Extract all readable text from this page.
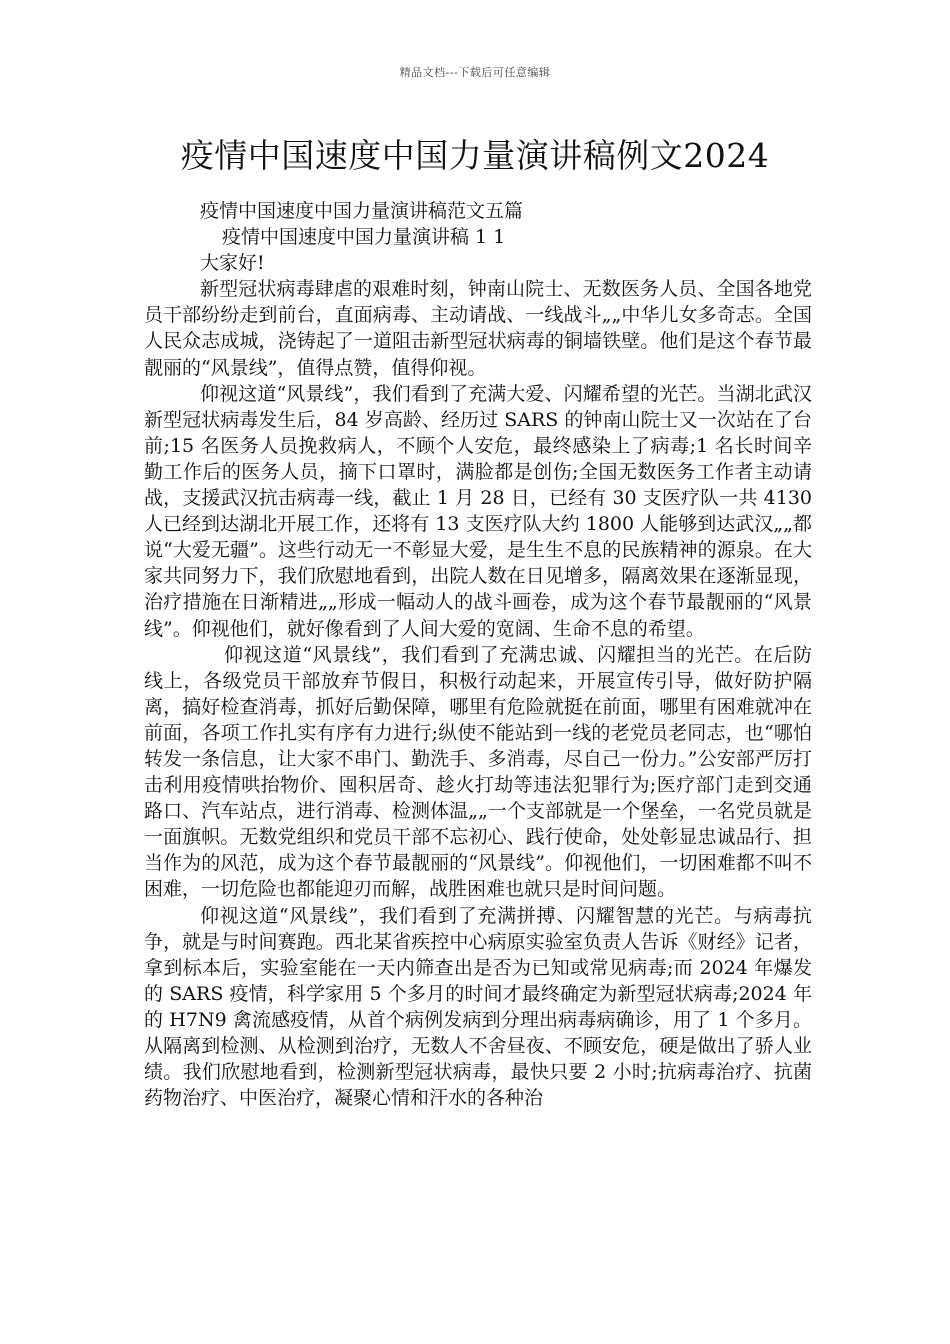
精品文档---下载后可任意编辑
疫情中国速度中国力量演讲稿例文2024

疫情中国速度中国力量演讲稿范文五篇

疫情中国速度中国力量演讲稿 1 1

大家好!

新型冠状病毒肆虐的艰难时刻，钟南山院士、无数医务人员、全国各地党员干部纷纷走到前台，直面病毒、主动请战、一线战斗„„中华儿女多奇志。全国人民众志成城，浇铸起了一道阻击新型冠状病毒的铜墙铁壁。他们是这个春节最靓丽的“风景线”，值得点赞，值得仰视。

仰视这道“风景线”，我们看到了充满大爱、闪耀希望的光芒。当湖北武汉新型冠状病毒发生后，84 岁高龄、经历过 SARS 的钟南山院士又一次站在了台前;15 名医务人员挽救病人，不顾个人安危，最终感染上了病毒;1 名长时间辛勤工作后的医务人员，摘下口罩时，满脸都是创伤;全国无数医务工作者主动请战，支援武汉抗击病毒一线，截止 1 月 28 日，已经有 30 支医疗队一共 4130 人已经到达湖北开展工作，还将有 13 支医疗队大约 1800 人能够到达武汉„„都说“大爱无疆”。这些行动无一不彰显大爱，是生生不息的民族精神的源泉。在大家共同努力下，我们欣慰地看到，出院人数在日见增多，隔离效果在逐渐显现，治疗措施在日渐精进„„形成一幅动人的战斗画卷，成为这个春节最靓丽的“风景线”。仰视他们，就好像看到了人间大爱的宽阔、生命不息的希望。

仰视这道“风景线”，我们看到了充满忠诚、闪耀担当的光芒。在后防线上，各级党员干部放弃节假日，积极行动起来，开展宣传引导，做好防护隔离，搞好检查消毒，抓好后勤保障，哪里有危险就挺在前面，哪里有困难就冲在前面，各项工作扎实有序有力进行;纵使不能站到一线的老党员老同志，也“哪怕转发一条信息，让大家不串门、勤洗手、多消毒，尽自己一份力。”公安部严厉打击利用疫情哄抬物价、囤积居奇、趁火打劫等违法犯罪行为;医疗部门走到交通路口、汽车站点，进行消毒、检测体温„„一个支部就是一个堡垒，一名党员就是一面旗帜。无数党组织和党员干部不忘初心、践行使命，处处彰显忠诚品行、担当作为的风范，成为这个春节最靓丽的“风景线”。仰视他们，一切困难都不叫不困难，一切危险也都能迎刃而解，战胜困难也就只是时间问题。

仰视这道“风景线”，我们看到了充满拼搏、闪耀智慧的光芒。与病毒抗争，就是与时间赛跑。西北某省疾控中心病原实验室负责人告诉《财经》记者，拿到标本后，实验室能在一天内筛查出是否为已知或常见病毒;而 2024 年爆发的 SARS 疫情，科学家用 5 个多月的时间才最终确定为新型冠状病毒;2024 年的 H7N9 禽流感疫情，从首个病例发病到分理出病毒病确诊，用了 1 个多月。从隔离到检测、从检测到治疗，无数人不舍昼夜、不顾安危，硬是做出了骄人业绩。我们欣慰地看到，检测新型冠状病毒，最快只要 2 小时;抗病毒治疗、抗菌药物治疗、中医治疗，凝聚心情和汗水的各种治
